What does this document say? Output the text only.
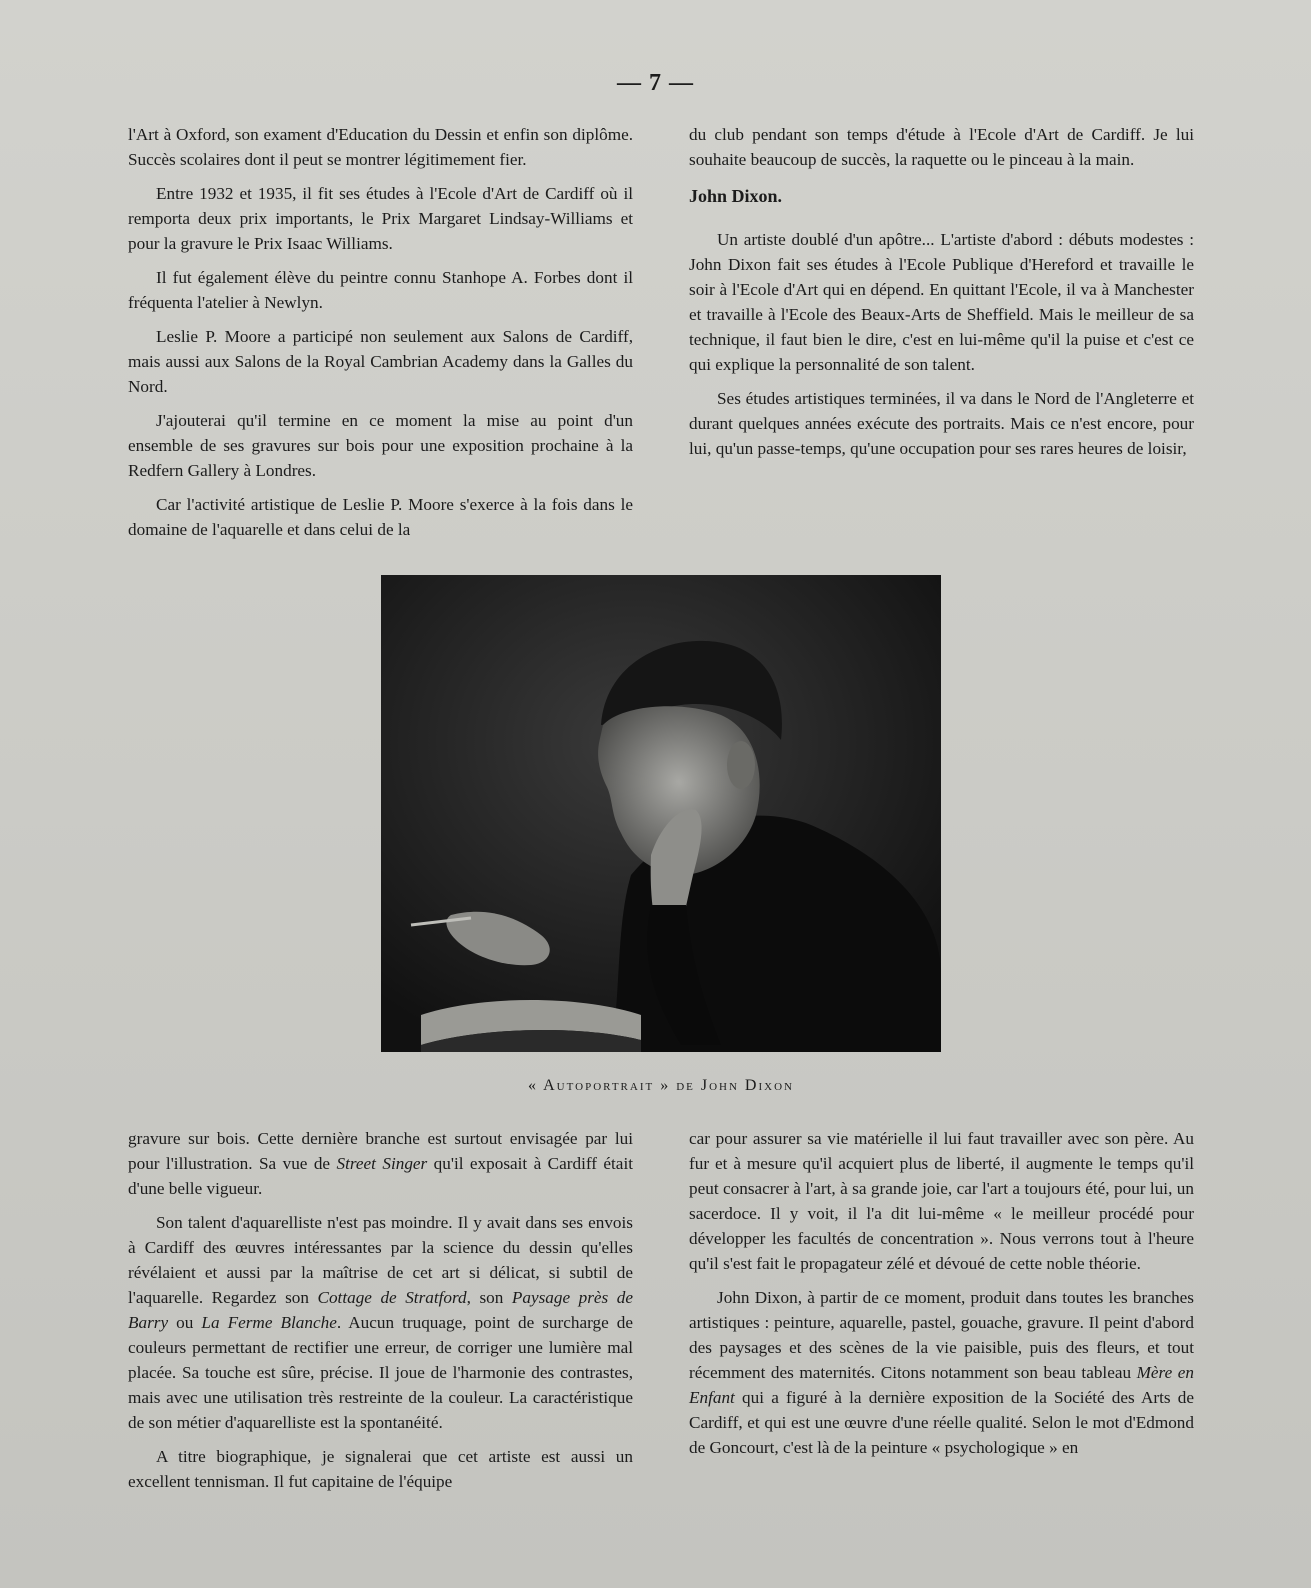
— 7 —

l'Art à Oxford, son exament d'Education du Dessin et enfin son diplôme. Succès scolaires dont il peut se montrer légitimement fier.

Entre 1932 et 1935, il fit ses études à l'Ecole d'Art de Cardiff où il remporta deux prix importants, le Prix Margaret Lindsay-Williams et pour la gravure le Prix Isaac Williams.

Il fut également élève du peintre connu Stanhope A. Forbes dont il fréquenta l'atelier à Newlyn.

Leslie P. Moore a participé non seulement aux Salons de Cardiff, mais aussi aux Salons de la Royal Cambrian Academy dans la Galles du Nord.

J'ajouterai qu'il termine en ce moment la mise au point d'un ensemble de ses gravures sur bois pour une exposition prochaine à la Redfern Gallery à Londres.

Car l'activité artistique de Leslie P. Moore s'exerce à la fois dans le domaine de l'aquarelle et dans celui de la

du club pendant son temps d'étude à l'Ecole d'Art de Cardiff. Je lui souhaite beaucoup de succès, la raquette ou le pinceau à la main.

John Dixon.

Un artiste doublé d'un apôtre... L'artiste d'abord : débuts modestes : John Dixon fait ses études à l'Ecole Publique d'Hereford et travaille le soir à l'Ecole d'Art qui en dépend. En quittant l'Ecole, il va à Manchester et travaille à l'Ecole des Beaux-Arts de Sheffield. Mais le meilleur de sa technique, il faut bien le dire, c'est en lui-même qu'il la puise et c'est ce qui explique la personnalité de son talent.

Ses études artistiques terminées, il va dans le Nord de l'Angleterre et durant quelques années exécute des portraits. Mais ce n'est encore, pour lui, qu'un passe-temps, qu'une occupation pour ses rares heures de loisir,

« Autoportrait » de John Dixon

gravure sur bois. Cette dernière branche est surtout envisagée par lui pour l'illustration. Sa vue de Street Singer qu'il exposait à Cardiff était d'une belle vigueur.

Son talent d'aquarelliste n'est pas moindre. Il y avait dans ses envois à Cardiff des œuvres intéressantes par la science du dessin qu'elles révélaient et aussi par la maîtrise de cet art si délicat, si subtil de l'aquarelle. Regardez son Cottage de Stratford, son Paysage près de Barry ou La Ferme Blanche. Aucun truquage, point de surcharge de couleurs permettant de rectifier une erreur, de corriger une lumière mal placée. Sa touche est sûre, précise. Il joue de l'harmonie des contrastes, mais avec une utilisation très restreinte de la couleur. La caractéristique de son métier d'aquarelliste est la spontanéité.

A titre biographique, je signalerai que cet artiste est aussi un excellent tennisman. Il fut capitaine de l'équipe

car pour assurer sa vie matérielle il lui faut travailler avec son père. Au fur et à mesure qu'il acquiert plus de liberté, il augmente le temps qu'il peut consacrer à l'art, à sa grande joie, car l'art a toujours été, pour lui, un sacerdoce. Il y voit, il l'a dit lui-même « le meilleur procédé pour développer les facultés de concentration ». Nous verrons tout à l'heure qu'il s'est fait le propagateur zélé et dévoué de cette noble théorie.

John Dixon, à partir de ce moment, produit dans toutes les branches artistiques : peinture, aquarelle, pastel, gouache, gravure. Il peint d'abord des paysages et des scènes de la vie paisible, puis des fleurs, et tout récemment des maternités. Citons notamment son beau tableau Mère en Enfant qui a figuré à la dernière exposition de la Société des Arts de Cardiff, et qui est une œuvre d'une réelle qualité. Selon le mot d'Edmond de Goncourt, c'est là de la peinture « psychologique » en
